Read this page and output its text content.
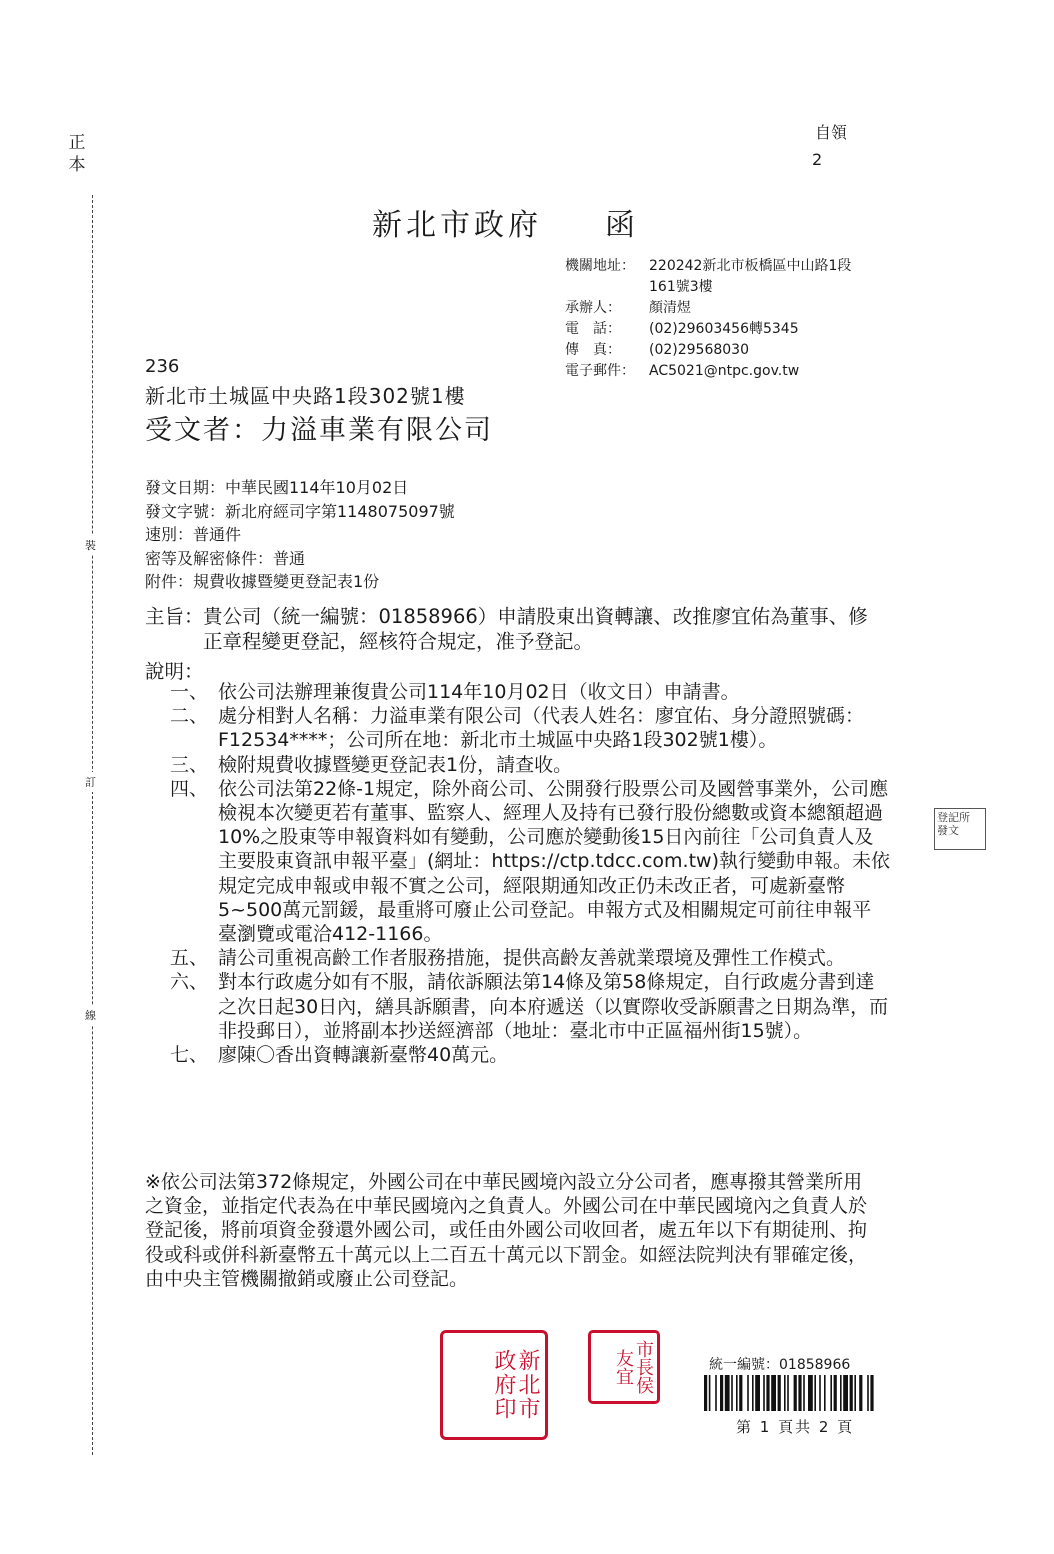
正
本
裝
訂
線
自領
2
新北市政府 函
機關地址： 220242新北市板橋區中山路1段
161號3樓
承辦人： 顏清煜
電　話： (02)29603456轉5345
傳　真： (02)29568030
電子郵件： AC5021@ntpc.gov.tw
236
新北市土城區中央路1段302號1樓
受文者：力溢車業有限公司
發文日期：中華民國114年10月02日
發文字號：新北府經司字第1148075097號
速別：普通件
密等及解密條件：普通
附件：規費收據暨變更登記表1份
主旨： 貴公司（統一編號：01858966）申請股東出資轉讓、改推廖宜佑為董事、修正章程變更登記，經核符合規定，准予登記。
說明：
一、 依公司法辦理兼復貴公司114年10月02日（收文日）申請書。
二、 處分相對人名稱：力溢車業有限公司（代表人姓名：廖宜佑、身分證照號碼：F12534****；公司所在地：新北市土城區中央路1段302號1樓）。
三、 檢附規費收據暨變更登記表1份，請查收。
四、 依公司法第22條-1規定，除外商公司、公開發行股票公司及國營事業外，公司應檢視本次變更若有董事、監察人、經理人及持有已發行股份總數或資本總額超過10%之股東等申報資料如有變動，公司應於變動後15日內前往「公司負責人及主要股東資訊申報平臺」(網址：https://ctp.tdcc.com.tw)執行變動申報。未依規定完成申報或申報不實之公司，經限期通知改正仍未改正者，可處新臺幣5~500萬元罰鍰，最重將可廢止公司登記。申報方式及相關規定可前往申報平臺瀏覽或電洽412-1166。
五、 請公司重視高齡工作者服務措施，提供高齡友善就業環境及彈性工作模式。
六、 對本行政處分如有不服，請依訴願法第14條及第58條規定，自行政處分書到達之次日起30日內，繕具訴願書，向本府遞送（以實際收受訴願書之日期為準，而非投郵日），並將副本抄送經濟部（地址：臺北市中正區福州街15號）。
七、 廖陳〇香出資轉讓新臺幣40萬元。
登記所　發文
※依公司法第372條規定，外國公司在中華民國境內設立分公司者，應專撥其營業所用之資金，並指定代表為在中華民國境內之負責人。外國公司在中華民國境內之負責人於登記後，將前項資金發還外國公司，或任由外國公司收回者，處五年以下有期徒刑、拘役或科或併科新臺幣五十萬元以上二百五十萬元以下罰金。如經法院判決有罪確定後，由中央主管機關撤銷或廢止公司登記。
新北市政府印	市長侯友宜	統一編號：01858966
第 1 頁共 2 頁
